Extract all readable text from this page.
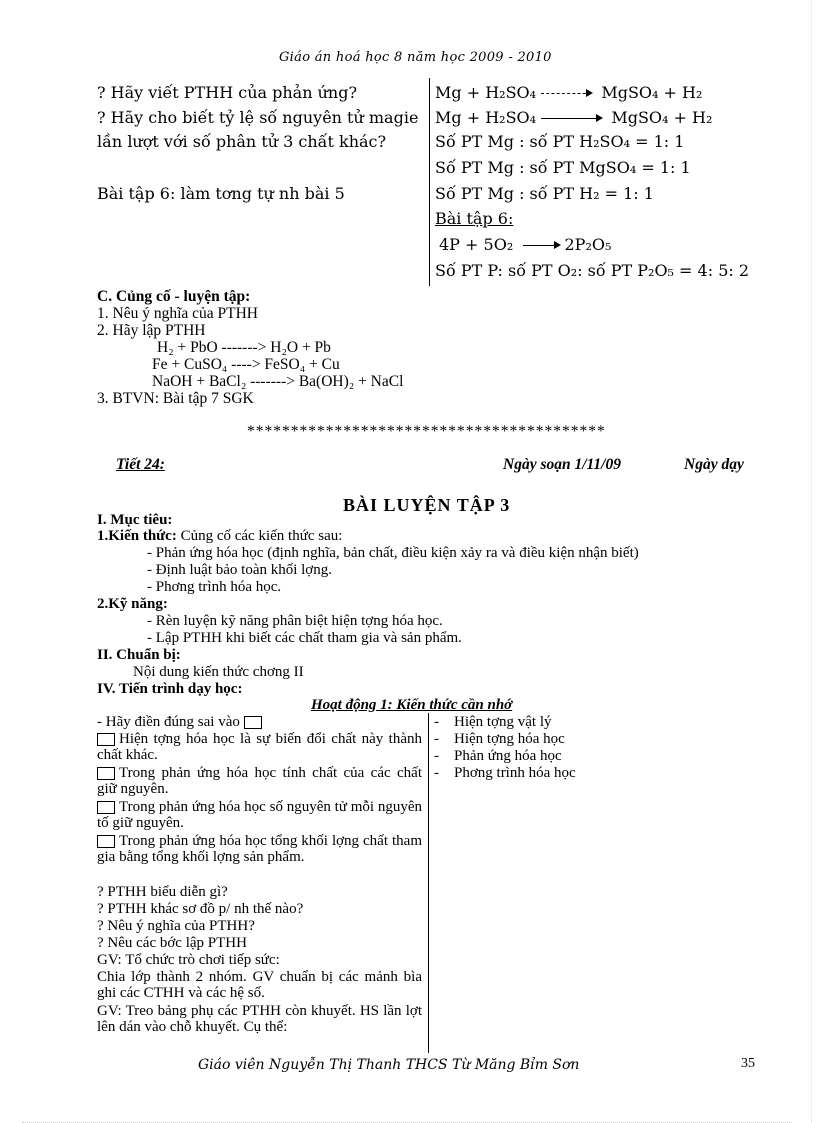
Giáo án hoá học 8 năm học 2009 - 2010
? Hãy viết PTHH của phản ứng?
? Hãy cho biết tỷ lệ số nguyên tử magie
lần lượt với số phân tử 3 chất khác?
Bài tập 6: làm tơng tự nh bài 5
Mg + H₂SO₄	MgSO₄ + H₂
Mg + H₂SO₄	MgSO₄ + H₂
Số PT Mg : số PT H₂SO₄ = 1: 1
Số PT Mg : số PT MgSO₄ = 1: 1
Số PT Mg : số PT H₂ = 1: 1
Bài tập 6:
4P + 5O₂	2P₂O₅
Số PT P: số PT O₂: số PT P₂O₅ = 4: 5: 2
C. Củng cố - luyện tập:
1. Nêu ý nghĩa của PTHH
2. Hãy lập PTHH
H₂ + PbO -------> H₂O + Pb
Fe + CuSO₄ ----> FeSO₄ + Cu
NaOH + BaCl₂ -------> Ba(OH)₂ + NaCl
3. BTVN: Bài tập 7 SGK
*****************************************
Tiết 24:	Ngày soạn 1/11/09	Ngày dạy
BÀI LUYỆN TẬP 3
I. Mục tiêu:
1.Kiến thức: Củng cố các kiến thức sau:
- Phản ứng hóa học (định nghĩa, bản chất, điều kiện xảy ra và điều kiện nhận biết)
- Định luật bảo toàn khối lợng.
- Phơng trình hóa học.
2.Kỹ năng:
- Rèn luyện kỹ năng phân biệt hiện tợng hóa học.
- Lập PTHH khi biết các chất tham gia và sản phẩm.
II. Chuẩn bị:
Nội dung kiến thức chơng II
IV. Tiến trình dạy học:
Hoạt động 1: Kiến thức cần nhớ
- Hãy điền đúng sai vào
Hiện tợng hóa học là sự biến đổi chất này thành chất khác.
Trong phản ứng hóa học tính chất của các chất giữ nguyên.
Trong phản ứng hóa học số nguyên tử mỗi nguyên tố giữ nguyên.
Trong phản ứng hóa học tổng khối lợng chất tham gia bằng tổng khối lợng sản phẩm.
? PTHH biểu diễn gì?
? PTHH khác sơ đồ p/ nh thế nào?
? Nêu ý nghĩa của PTHH?
? Nêu các bớc lập PTHH
GV: Tổ chức trò chơi tiếp sức:
Chia lớp thành 2 nhóm. GV chuẩn bị các mảnh bìa ghi các CTHH và các hệ số.
GV: Treo bảng phụ các PTHH còn khuyết. HS lần lợt lên dán vào chỗ khuyết. Cụ thể:
-    Hiện tợng vật lý
-    Hiện tợng hóa học
-    Phản ứng hóa học
-    Phơng trình hóa học
Giáo viên Nguyễn Thị Thanh THCS Từ Măng Bỉm Sơn	35
